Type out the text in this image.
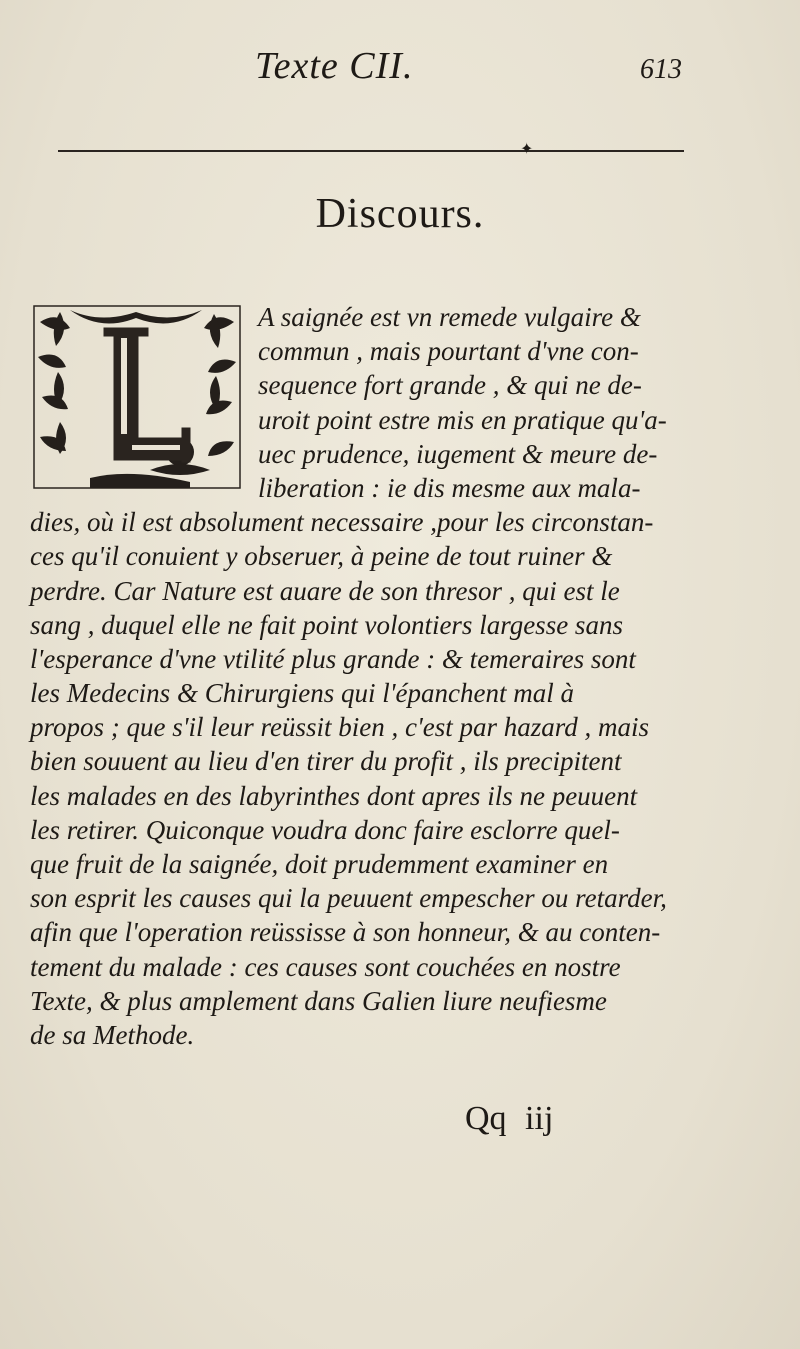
Texte CII.	613
✦
Discours.
A saignée est vn remede vulgaire &
commun , mais pourtant d'vne con-
sequence fort grande , & qui ne de-
uroit point estre mis en pratique qu'a-
uec prudence, iugement & meure de-
liberation : ie dis mesme aux mala-
dies, où il est absolument necessaire ,pour les circonstan-
ces qu'il conuient y obseruer, à peine de tout ruiner &
perdre. Car Nature est auare de son thresor , qui est le
sang , duquel elle ne fait point volontiers largesse sans
l'esperance d'vne vtilité plus grande : & temeraires sont
les Medecins & Chirurgiens qui l'épanchent mal à
propos ; que s'il leur reüssit bien , c'est par hazard , mais
bien souuent au lieu d'en tirer du profit , ils precipitent
les malades en des labyrinthes dont apres ils ne peuuent
les retirer. Quiconque voudra donc faire esclorre quel-
que fruit de la saignée, doit prudemment examiner en
son esprit les causes qui la peuuent empescher ou retarder,
afin que l'operation reüssisse à son honneur, & au conten-
tement du malade : ces causes sont couchées en nostre
Texte, & plus amplement dans Galien liure neufiesme
de sa Methode.
Qq iij
